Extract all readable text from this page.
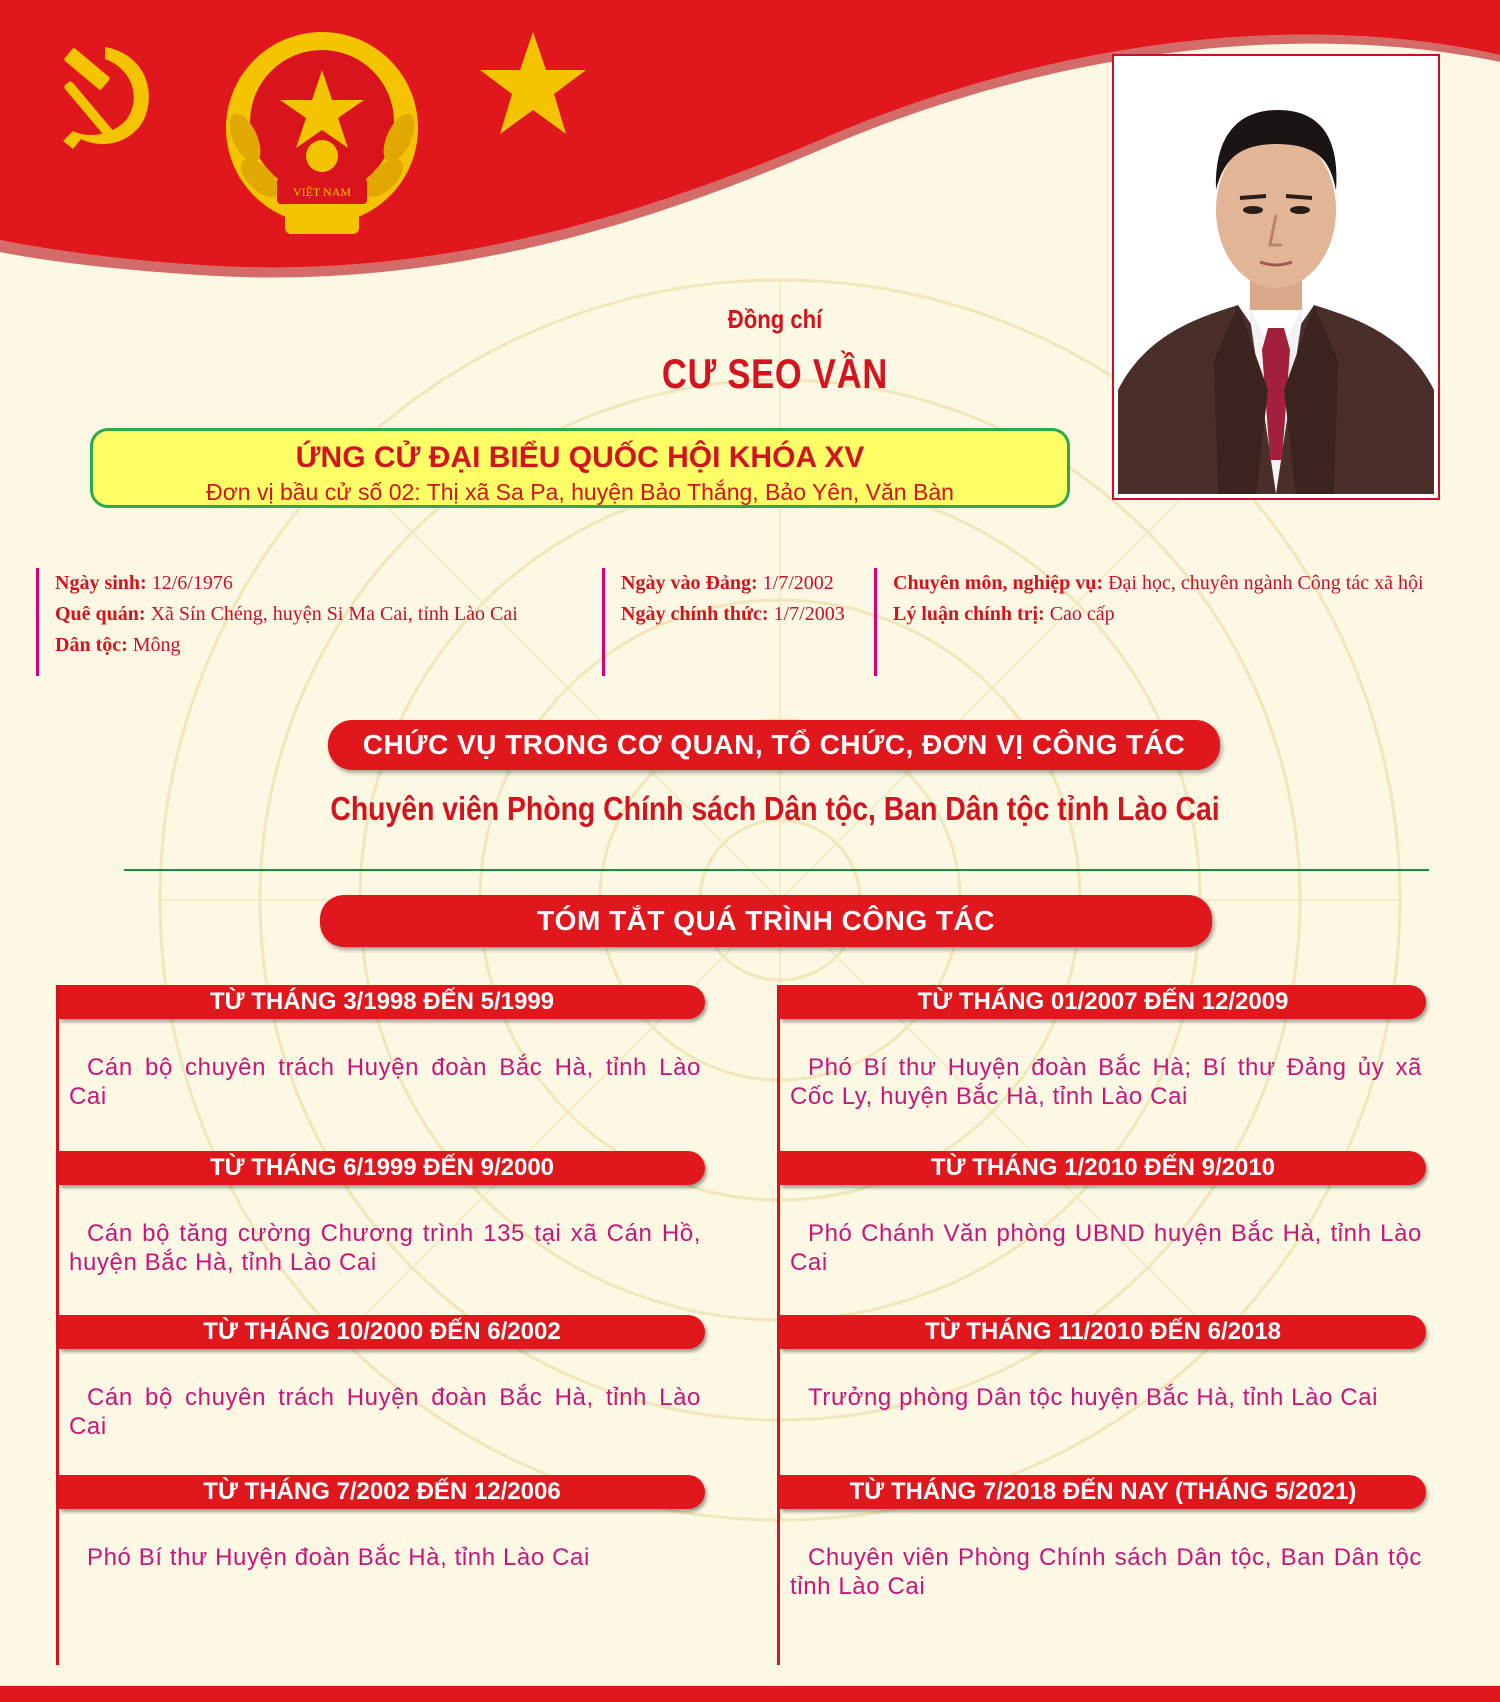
VIỆT NAM
Đồng chí
CƯ SEO VẦN
ỨNG CỬ ĐẠI BIỂU QUỐC HỘI KHÓA XV
Đơn vị bầu cử số 02: Thị xã Sa Pa, huyện Bảo Thắng, Bảo Yên, Văn Bàn
Ngày sinh: 12/6/1976
Quê quán: Xã Sín Chéng, huyện Si Ma Cai, tỉnh Lào Cai
Dân tộc: Mông
Ngày vào Đảng: 1/7/2002
Ngày chính thức: 1/7/2003
Chuyên môn, nghiệp vụ: Đại học, chuyên ngành Công tác xã hội
Lý luận chính trị: Cao cấp
CHỨC VỤ TRONG CƠ QUAN, TỔ CHỨC, ĐƠN VỊ CÔNG TÁC
Chuyên viên Phòng Chính sách Dân tộc, Ban Dân tộc tỉnh Lào Cai
TÓM TẮT QUÁ TRÌNH CÔNG TÁC
TỪ THÁNG 3/1998 ĐẾN 5/1999
Cán bộ chuyên trách Huyện đoàn Bắc Hà, tỉnh Lào Cai
TỪ THÁNG 6/1999 ĐẾN 9/2000
Cán bộ tăng cường Chương trình 135 tại xã Cán Hồ, huyện Bắc Hà, tỉnh Lào Cai
TỪ THÁNG 10/2000 ĐẾN 6/2002
Cán bộ chuyên trách Huyện đoàn Bắc Hà, tỉnh Lào Cai
TỪ THÁNG 7/2002 ĐẾN 12/2006
Phó Bí thư Huyện đoàn Bắc Hà, tỉnh Lào Cai
TỪ THÁNG 01/2007 ĐẾN 12/2009
Phó Bí thư Huyện đoàn Bắc Hà; Bí thư Đảng ủy xã Cốc Ly, huyện Bắc Hà, tỉnh Lào Cai
TỪ THÁNG 1/2010 ĐẾN 9/2010
Phó Chánh Văn phòng UBND huyện Bắc Hà, tỉnh Lào Cai
TỪ THÁNG 11/2010 ĐẾN 6/2018
Trưởng phòng Dân tộc huyện Bắc Hà, tỉnh Lào Cai
TỪ THÁNG 7/2018 ĐẾN NAY (THÁNG 5/2021)
Chuyên viên Phòng Chính sách Dân tộc, Ban Dân tộc tỉnh Lào Cai
